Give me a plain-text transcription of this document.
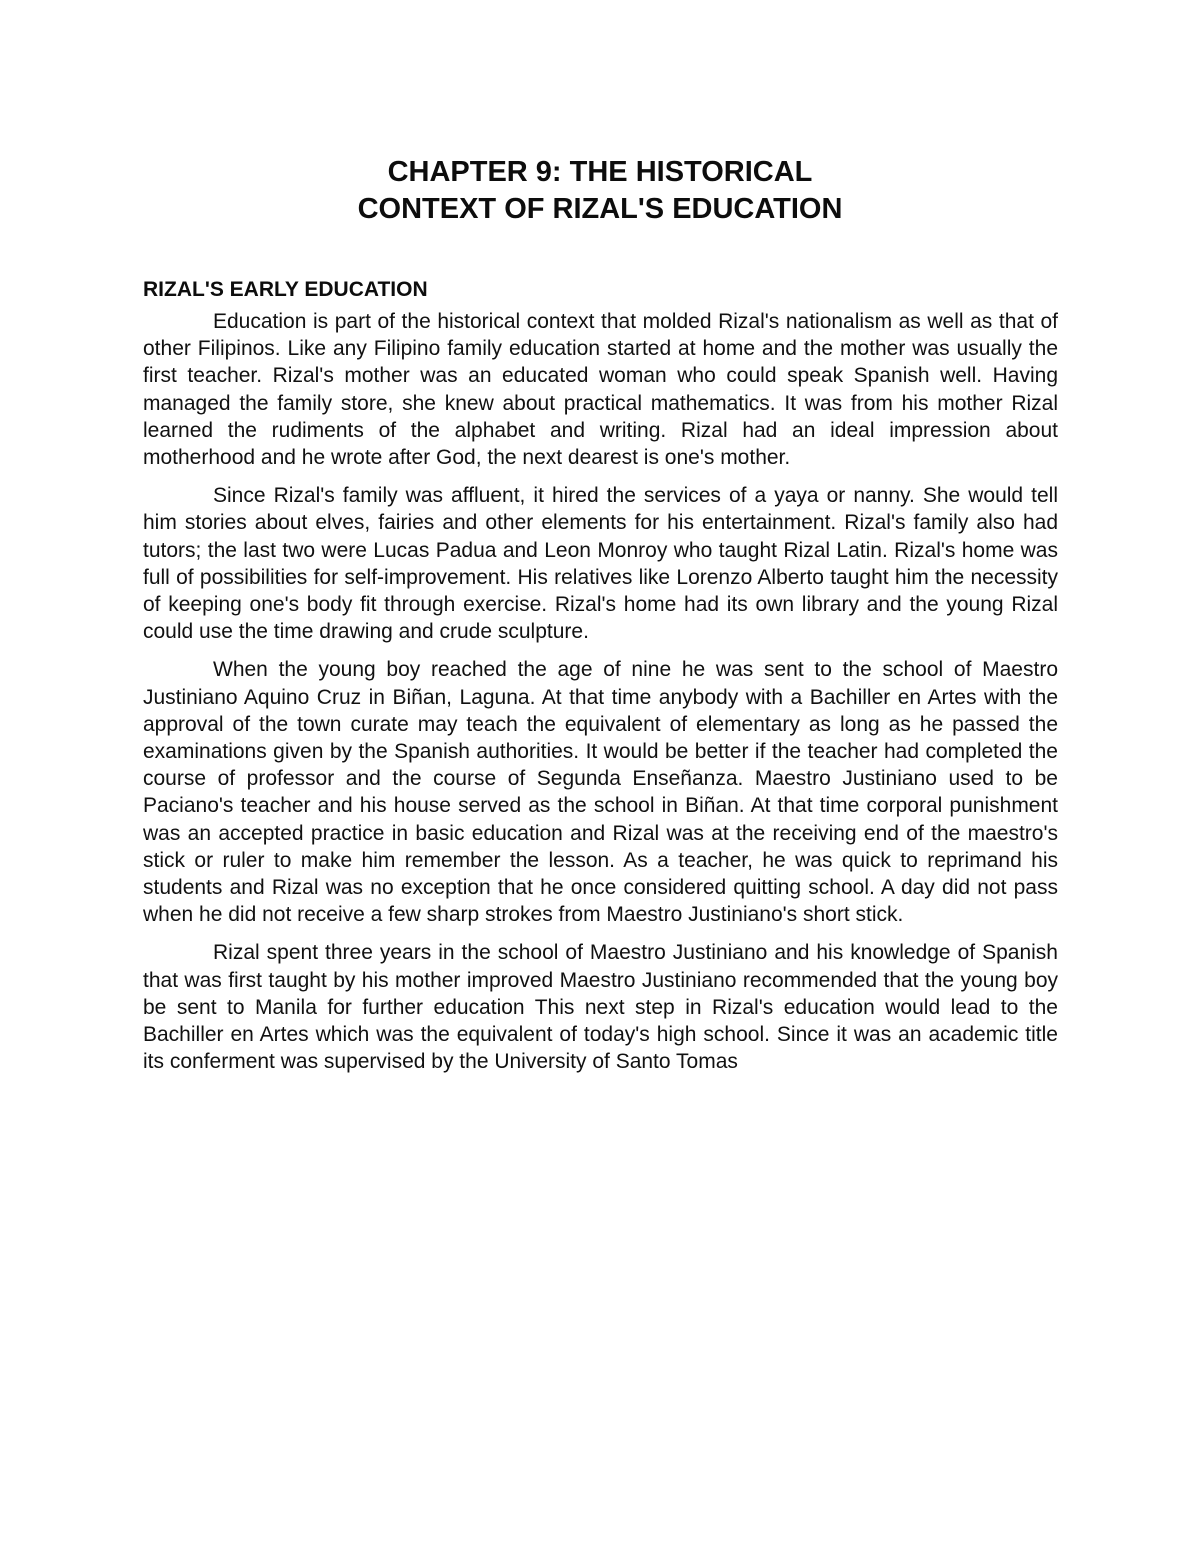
CHAPTER 9: THE HISTORICAL
CONTEXT OF RIZAL'S EDUCATION
RIZAL'S EARLY EDUCATION

Education is part of the historical context that molded Rizal's nationalism as well as that of other Filipinos. Like any Filipino family education started at home and the mother was usually the first teacher. Rizal's mother was an educated woman who could speak Spanish well. Having managed the family store, she knew about practical mathematics. It was from his mother Rizal learned the rudiments of the alphabet and writing. Rizal had an ideal impression about motherhood and he wrote after God, the next dearest is one's mother.

Since Rizal's family was affluent, it hired the services of a yaya or nanny. She would tell him stories about elves, fairies and other elements for his entertainment. Rizal's family also had tutors; the last two were Lucas Padua and Leon Monroy who taught Rizal Latin. Rizal's home was full of possibilities for self-improvement. His relatives like Lorenzo Alberto taught him the necessity of keeping one's body fit through exercise. Rizal's home had its own library and the young Rizal could use the time drawing and crude sculpture.

When the young boy reached the age of nine he was sent to the school of Maestro Justiniano Aquino Cruz in Biñan, Laguna. At that time anybody with a Bachiller en Artes with the approval of the town curate may teach the equivalent of elementary as long as he passed the examinations given by the Spanish authorities. It would be better if the teacher had completed the course of professor and the course of Segunda Enseñanza. Maestro Justiniano used to be Paciano's teacher and his house served as the school in Biñan. At that time corporal punishment was an accepted practice in basic education and Rizal was at the receiving end of the maestro's stick or ruler to make him remember the lesson. As a teacher, he was quick to reprimand his students and Rizal was no exception that he once considered quitting school. A day did not pass when he did not receive a few sharp strokes from Maestro Justiniano's short stick.

Rizal spent three years in the school of Maestro Justiniano and his knowledge of Spanish that was first taught by his mother improved Maestro Justiniano recommended that the young boy be sent to Manila for further education This next step in Rizal's education would lead to the Bachiller en Artes which was the equivalent of today's high school. Since it was an academic title its conferment was supervised by the University of Santo Tomas
